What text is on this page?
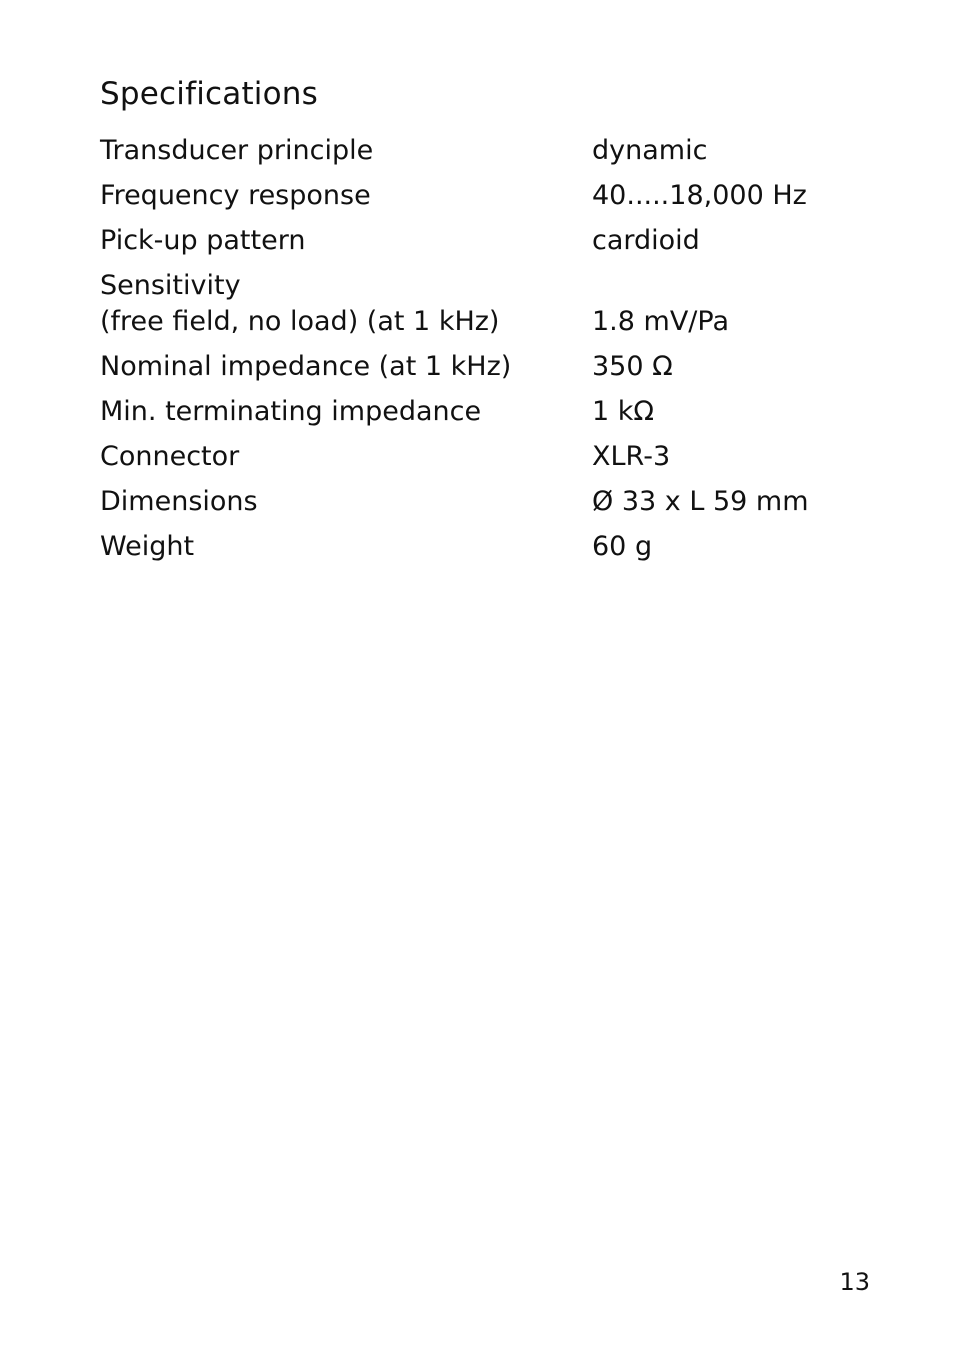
Specifications
Transducer principle	dynamic
Frequency response	40.....18,000 Hz
Pick-up pattern	cardioid
Sensitivity
(free field, no load) (at 1 kHz)	1.8 mV/Pa
Nominal impedance (at 1 kHz)	350 Ω
Min. terminating impedance	1 kΩ
Connector	XLR-3
Dimensions	Ø 33 x L 59 mm
Weight	60 g
13
